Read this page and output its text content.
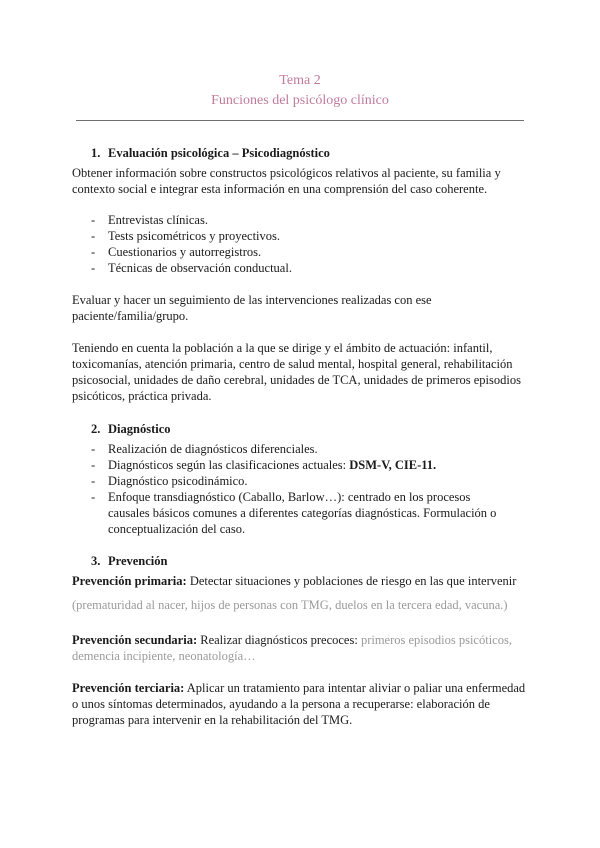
Tema 2
Funciones del psicólogo clínico
1. Evaluación psicológica – Psicodiagnóstico
Obtener información sobre constructos psicológicos relativos al paciente, su familia y contexto social e integrar esta información en una comprensión del caso coherente.
- Entrevistas clínicas.
- Tests psicométricos y proyectivos.
- Cuestionarios y autorregistros.
- Técnicas de observación conductual.
Evaluar y hacer un seguimiento de las intervenciones realizadas con ese paciente/familia/grupo.
Teniendo en cuenta la población a la que se dirige y el ámbito de actuación: infantil, toxicomanías, atención primaria, centro de salud mental, hospital general, rehabilitación psicosocial, unidades de daño cerebral, unidades de TCA, unidades de primeros episodios psicóticos, práctica privada.
2. Diagnóstico
- Realización de diagnósticos diferenciales.
- Diagnósticos según las clasificaciones actuales: DSM-V, CIE-11.
- Diagnóstico psicodinámico.
- Enfoque transdiagnóstico (Caballo, Barlow…): centrado en los procesos causales básicos comunes a diferentes categorías diagnósticas. Formulación o conceptualización del caso.
3. Prevención
Prevención primaria: Detectar situaciones y poblaciones de riesgo en las que intervenir
(prematuridad al nacer, hijos de personas con TMG, duelos en la tercera edad, vacuna.)
Prevención secundaria: Realizar diagnósticos precoces: primeros episodios psicóticos, demencia incipiente, neonatología…
Prevención terciaria: Aplicar un tratamiento para intentar aliviar o paliar una enfermedad o unos síntomas determinados, ayudando a la persona a recuperarse: elaboración de programas para intervenir en la rehabilitación del TMG.
